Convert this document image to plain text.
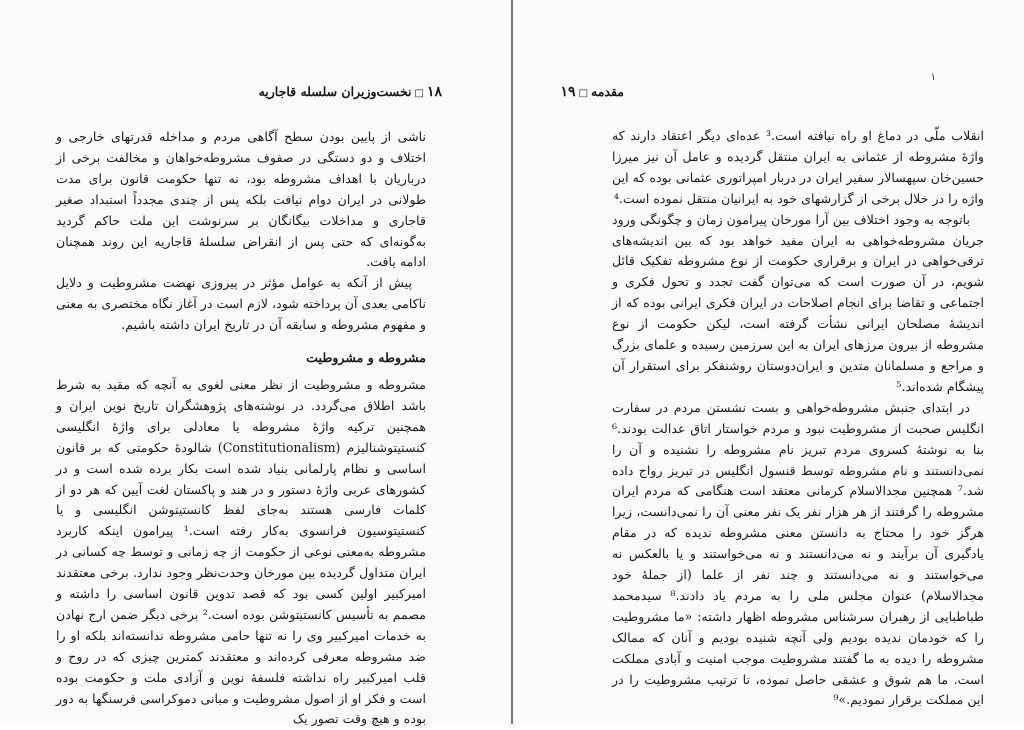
۱۸□نخست‌وزیران سلسله قاجاریه

ناشی از پایین بودن سطح آگاهی مردم و مداخله قدرتهای خارجی و اختلاف و دو دستگی در صفوف مشروطه‌خواهان و مخالفت برخی از درباریان با اهداف مشروطه بود، نه تنها حکومت قانون برای مدت طولانی در ایران دوام نیافت بلکه پس از چندی مجدداً استبداد صغیر قاجاری و مداخلات بیگانگان بر سرنوشت این ملت حاکم گردید به‌گونه‌ای که حتی پس از انقراض سلسلهٔ قاجاریه این روند همچنان ادامه یافت.

پیش از آنکه به عوامل مؤثر در پیروزی نهضت مشروطیت و دلایل ناکامی بعدی آن پرداخته شود، لازم است در آغاز نگاه مختصری به معنی و مفهوم مشروطه و سابقه آن در تاریخ ایران داشته باشیم.

مشروطه و مشروطیت

مشروطه و مشروطیت از نظر معنی لغوی به آنچه که مقید به شرط باشد اطلاق می‌گردد. در نوشته‌های پژوهشگران تاریخ نوین ایران و همچنین ترکیه واژهٔ مشروطه یا معادلی برای واژهٔ انگلیسی کنستیتوشنالیزم (Constitutionalism) شالودهٔ حکومتی که بر قانون اساسی و نظام پارلمانی بنیاد شده است بکار برده شده است و در کشورهای عربی واژهٔ دستور و در هند و پاکستان لغت آیین که هر دو از کلمات فارسی هستند به‌جای لفظ کانستیتوشن انگلیسی و یا کنستیتوسیون فرانسوی به‌کار رفته است.¹ پیرامون اینکه کاربرد مشروطه به‌معنی نوعی از حکومت از چه زمانی و توسط چه کسانی در ایران متداول گردیده بین مورخان وحدت‌نظر وجود ندارد. برخی معتقدند امیرکبیر اولین کسی بود که قصد تدوین قانون اساسی را داشته و مصمم به تأسیس کانستیتوشن بوده است.² برخی دیگر ضمن ارج نهادن به خدمات امیرکبیر وی را نه تنها حامی مشروطه ندانسته‌اند بلکه او را ضد مشروطه معرفی کرده‌اند و معتقدند کمترین چیزی که در روح و قلب امیرکبیر راه نداشته فلسفهٔ نوین و آزادی ملت و حکومت بوده است و فکر او از اصول مشروطیت و مبانی دموکراسی فرسنگها به دور بوده و هیچ وقت تصور یک

۱
مقدمه□۱۹

انقلاب ملّی در دماغ او راه نیافته است.³ عده‌ای دیگر اعتقاد دارند که واژهٔ مشروطه از عثمانی به ایران منتقل گردیده و عامل آن نیز میرزا حسین‌خان سپهسالار سفیر ایران در دربار امپراتوری عثمانی بوده که این واژه را در خلال برخی از گزارشهای خود به ایرانیان منتقل نموده است.⁴

باتوجه به وجود اختلاف بین آرا مورخان پیرامون زمان و چگونگی ورود جریان مشروطه‌خواهی به ایران مفید خواهد بود که بین اندیشه‌های ترقی‌خواهی در ایران و برقراری حکومت از نوع مشروطه تفکیک قائل شویم، در آن صورت است که می‌توان گفت تجدد و تحول فکری و اجتماعی و تقاضا برای انجام اصلاحات در ایران فکری ایرانی بوده که از اندیشهٔ مصلحان ایرانی نشأت گرفته است، لیکن حکومت از نوع مشروطه از بیرون مرزهای ایران به این سرزمین رسیده و علمای بزرگ و مراجع و مسلمانان متدین و ایران‌دوستان روشنفکر برای استقرار آن پیشگام شده‌اند.⁵

در ابتدای جنبش مشروطه‌خواهی و بست نشستن مردم در سفارت انگلیس صحبت از مشروطیت نبود و مردم خواستار اتاق عدالت بودند.⁶ بنا به نوشتهٔ کسروی مردم تبریز نام مشروطه را نشنیده و آن را نمی‌دانستند و نام مشروطه توسط قنسول انگلیس در تبریز رواج داده شد.⁷ همچنین مجدالاسلام کرمانی معتقد است هنگامی که مردم ایران مشروطه را گرفتند از هر هزار نفر یک نفر معنی آن را نمی‌دانست، زیرا هرگز خود را محتاج به دانستن معنی مشروطه ندیده که در مقام یادگیری آن برآیند و نه می‌دانستند و نه می‌خواستند و یا بالعکس نه می‌خواستند و نه می‌دانستند و چند نفر از علما (از جملهٔ خود مجدالاسلام) عنوان مجلس ملی را به مردم یاد دادند.⁸ سیدمحمد طباطبایی از رهبران سرشناس مشروطه اظهار داشته: «ما مشروطیت را که خودمان ندیده بودیم ولی آنچه شنیده بودیم و آنان که ممالک مشروطه را دیده به ما گفتند مشروطیت موجب امنیت و آبادی مملکت است. ما هم شوق و عشقی حاصل نموده، تا ترتیب مشروطیت را در این مملکت برقرار نمودیم.»⁹
